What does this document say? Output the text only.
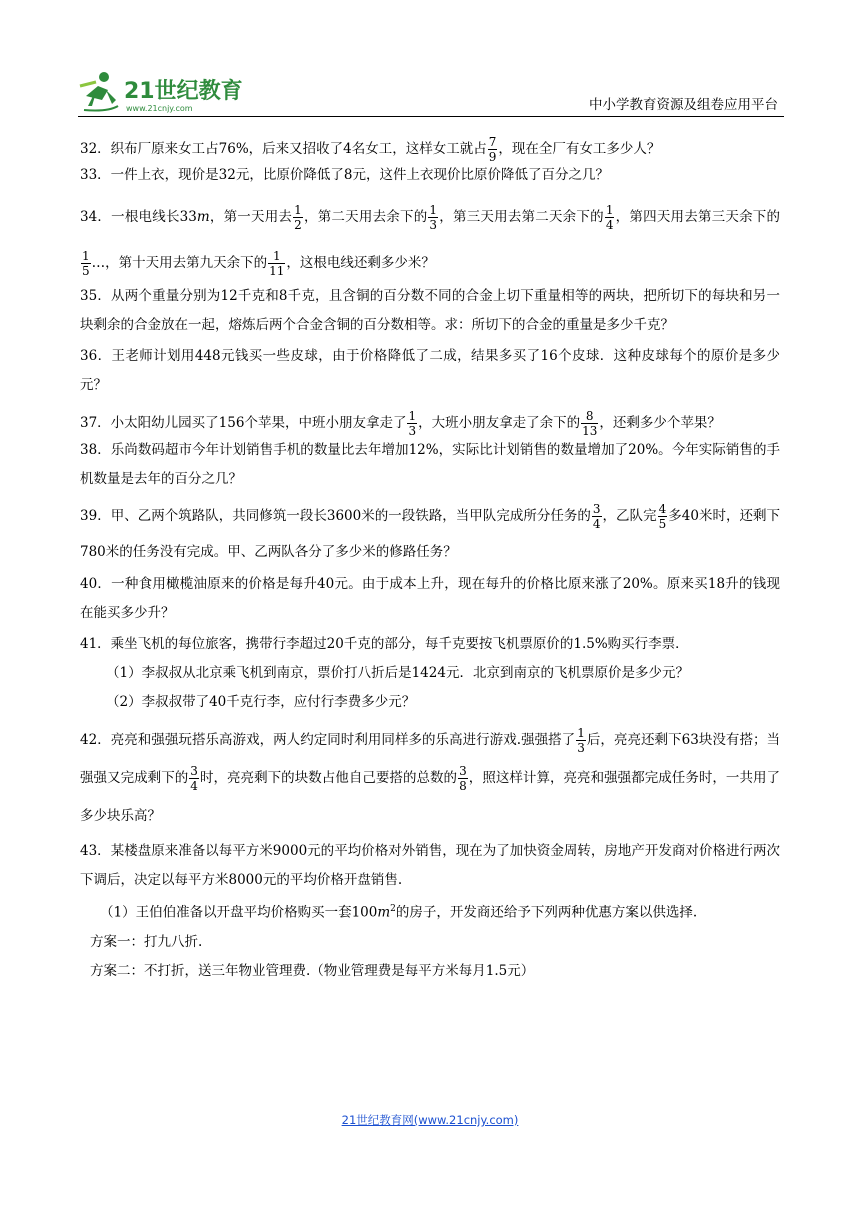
21世纪教育
www.21cnjy.com	中小学教育资源及组卷应用平台

32．织布厂原来女工占76%，后来又招收了4名女工，这样女工就占 $\frac{7}{9}$ ，现在全厂有女工多少人？

33．一件上衣，现价是32元，比原价降低了8元，这件上衣现价比原价降低了百分之几？

34．一根电线长33m，第一天用去 $\frac{1}{2}$ ，第二天用去余下的 $\frac{1}{3}$ ，第三天用去第二天余下的 $\frac{1}{4}$ ，第四天用去第三天余下的
$\frac{1}{5}$ …，第十天用去第九天余下的 $\frac{1}{11}$ ，这根电线还剩多少米？

35．从两个重量分别为12千克和8千克，且含铜的百分数不同的合金上切下重量相等的两块，把所切下的每块和另一块剩余的合金放在一起，熔炼后两个合金含铜的百分数相等。求：所切下的合金的重量是多少千克？

36．王老师计划用448元钱买一些皮球，由于价格降低了二成，结果多买了16个皮球．这种皮球每个的原价是多少元？

37．小太阳幼儿园买了156个苹果，中班小朋友拿走了 $\frac{1}{3}$ ，大班小朋友拿走了余下的 $\frac{8}{13}$ ，还剩多少个苹果？

38．乐尚数码超市今年计划销售手机的数量比去年增加12%，实际比计划销售的数量增加了20%。今年实际销售的手机数量是去年的百分之几？

39．甲、乙两个筑路队，共同修筑一段长3600米的一段铁路，当甲队完成所分任务的 $\frac{3}{4}$ ，乙队完 $\frac{4}{5}$ 多40米时，还剩下780米的任务没有完成。甲、乙两队各分了多少米的修路任务？

40．一种食用橄榄油原来的价格是每升40元。由于成本上升，现在每升的价格比原来涨了20%。原来买18升的钱现在能买多少升？

41．乘坐飞机的每位旅客，携带行李超过20千克的部分，每千克要按飞机票原价的1.5%购买行李票．

（1）李叔叔从北京乘飞机到南京，票价打八折后是1424元．北京到南京的飞机票原价是多少元？

（2）李叔叔带了40千克行李，应付行李费多少元？

42．亮亮和强强玩搭乐高游戏，两人约定同时利用同样多的乐高进行游戏.强强搭了 $\frac{1}{3}$ 后，亮亮还剩下63块没有搭；当强强又完成剩下的 $\frac{3}{4}$ 时，亮亮剩下的块数占他自己要搭的总数的 $\frac{3}{8}$ ，照这样计算，亮亮和强强都完成任务时，一共用了多少块乐高？

43．某楼盘原来准备以每平方米9000元的平均价格对外销售，现在为了加快资金周转，房地产开发商对价格进行两次下调后，决定以每平方米8000元的平均价格开盘销售.

（1）王伯伯准备以开盘平均价格购买一套$100m^2$的房子，开发商还给予下列两种优惠方案以供选择.

方案一：打九八折.

方案二：不打折，送三年物业管理费.（物业管理费是每平方米每月1.5元）

21世纪教育网(www.21cnjy.com)
